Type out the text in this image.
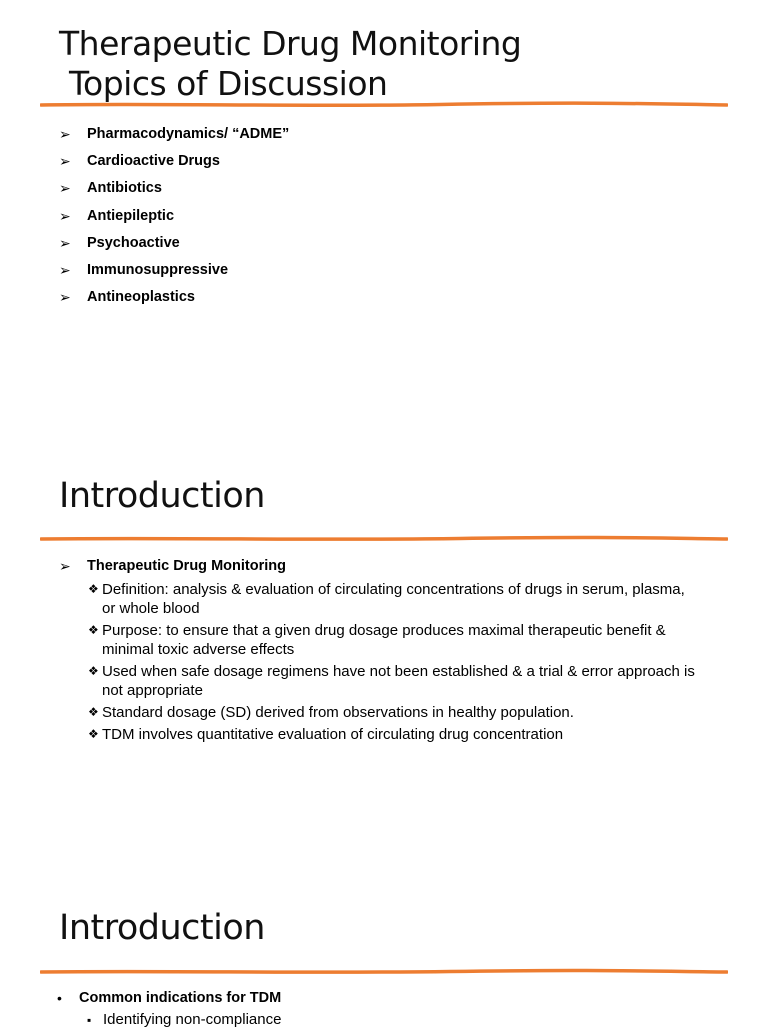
Therapeutic Drug Monitoring
Topics of Discussion
➢	Pharmacodynamics/ “ADME”
➢	Cardioactive Drugs
➢	Antibiotics
➢	Antiepileptic
➢	Psychoactive
➢	Immunosuppressive
➢	Antineoplastics
Introduction
➢	Therapeutic Drug Monitoring
❖ Definition: analysis & evaluation of circulating concentrations of drugs in serum, plasma, or whole blood
❖ Purpose: to ensure that a given drug dosage produces maximal therapeutic benefit & minimal toxic adverse effects
❖ Used when safe dosage regimens have not been established & a trial & error approach is not appropriate
❖ Standard dosage (SD) derived from observations in healthy population.
❖ TDM involves quantitative evaluation of circulating drug concentration
Introduction
•	Common indications for TDM
▪ Identifying non-compliance
